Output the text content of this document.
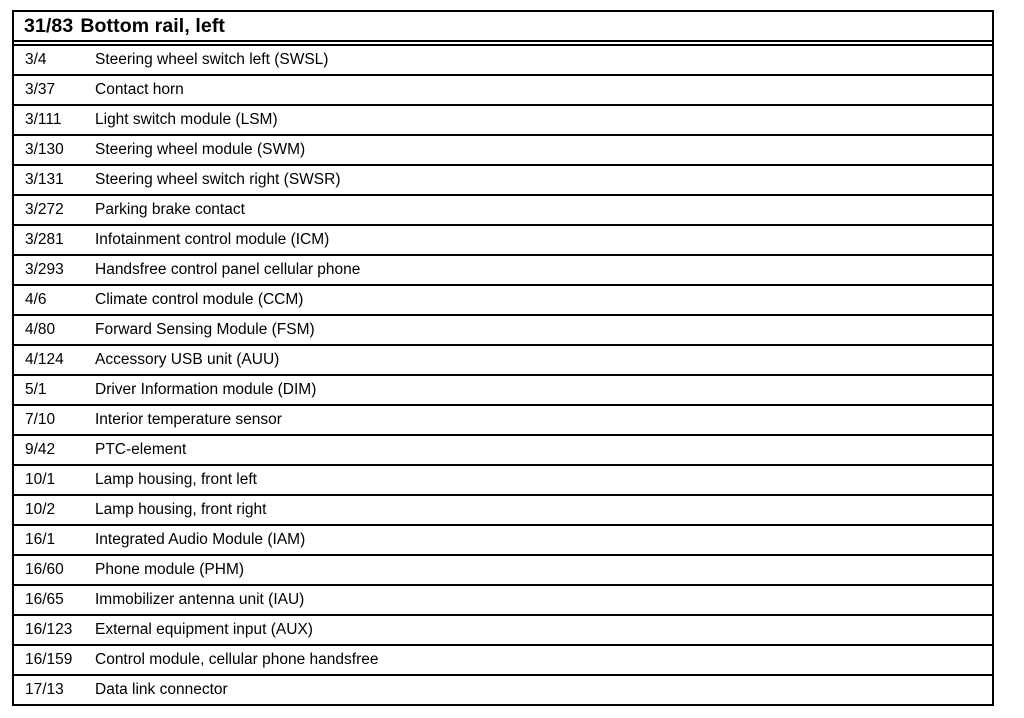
31/83 Bottom rail, left
3/4	Steering wheel switch left (SWSL)
3/37	Contact horn
3/111	Light switch module (LSM)
3/130	Steering wheel module (SWM)
3/131	Steering wheel switch right (SWSR)
3/272	Parking brake contact
3/281	Infotainment control module (ICM)
3/293	Handsfree control panel cellular phone
4/6	Climate control module (CCM)
4/80	Forward Sensing Module (FSM)
4/124	Accessory USB unit (AUU)
5/1	Driver Information module (DIM)
7/10	Interior temperature sensor
9/42	PTC-element
10/1	Lamp housing, front left
10/2	Lamp housing, front right
16/1	Integrated Audio Module (IAM)
16/60	Phone module (PHM)
16/65	Immobilizer antenna unit (IAU)
16/123	External equipment input (AUX)
16/159	Control module, cellular phone handsfree
17/13	Data link connector
